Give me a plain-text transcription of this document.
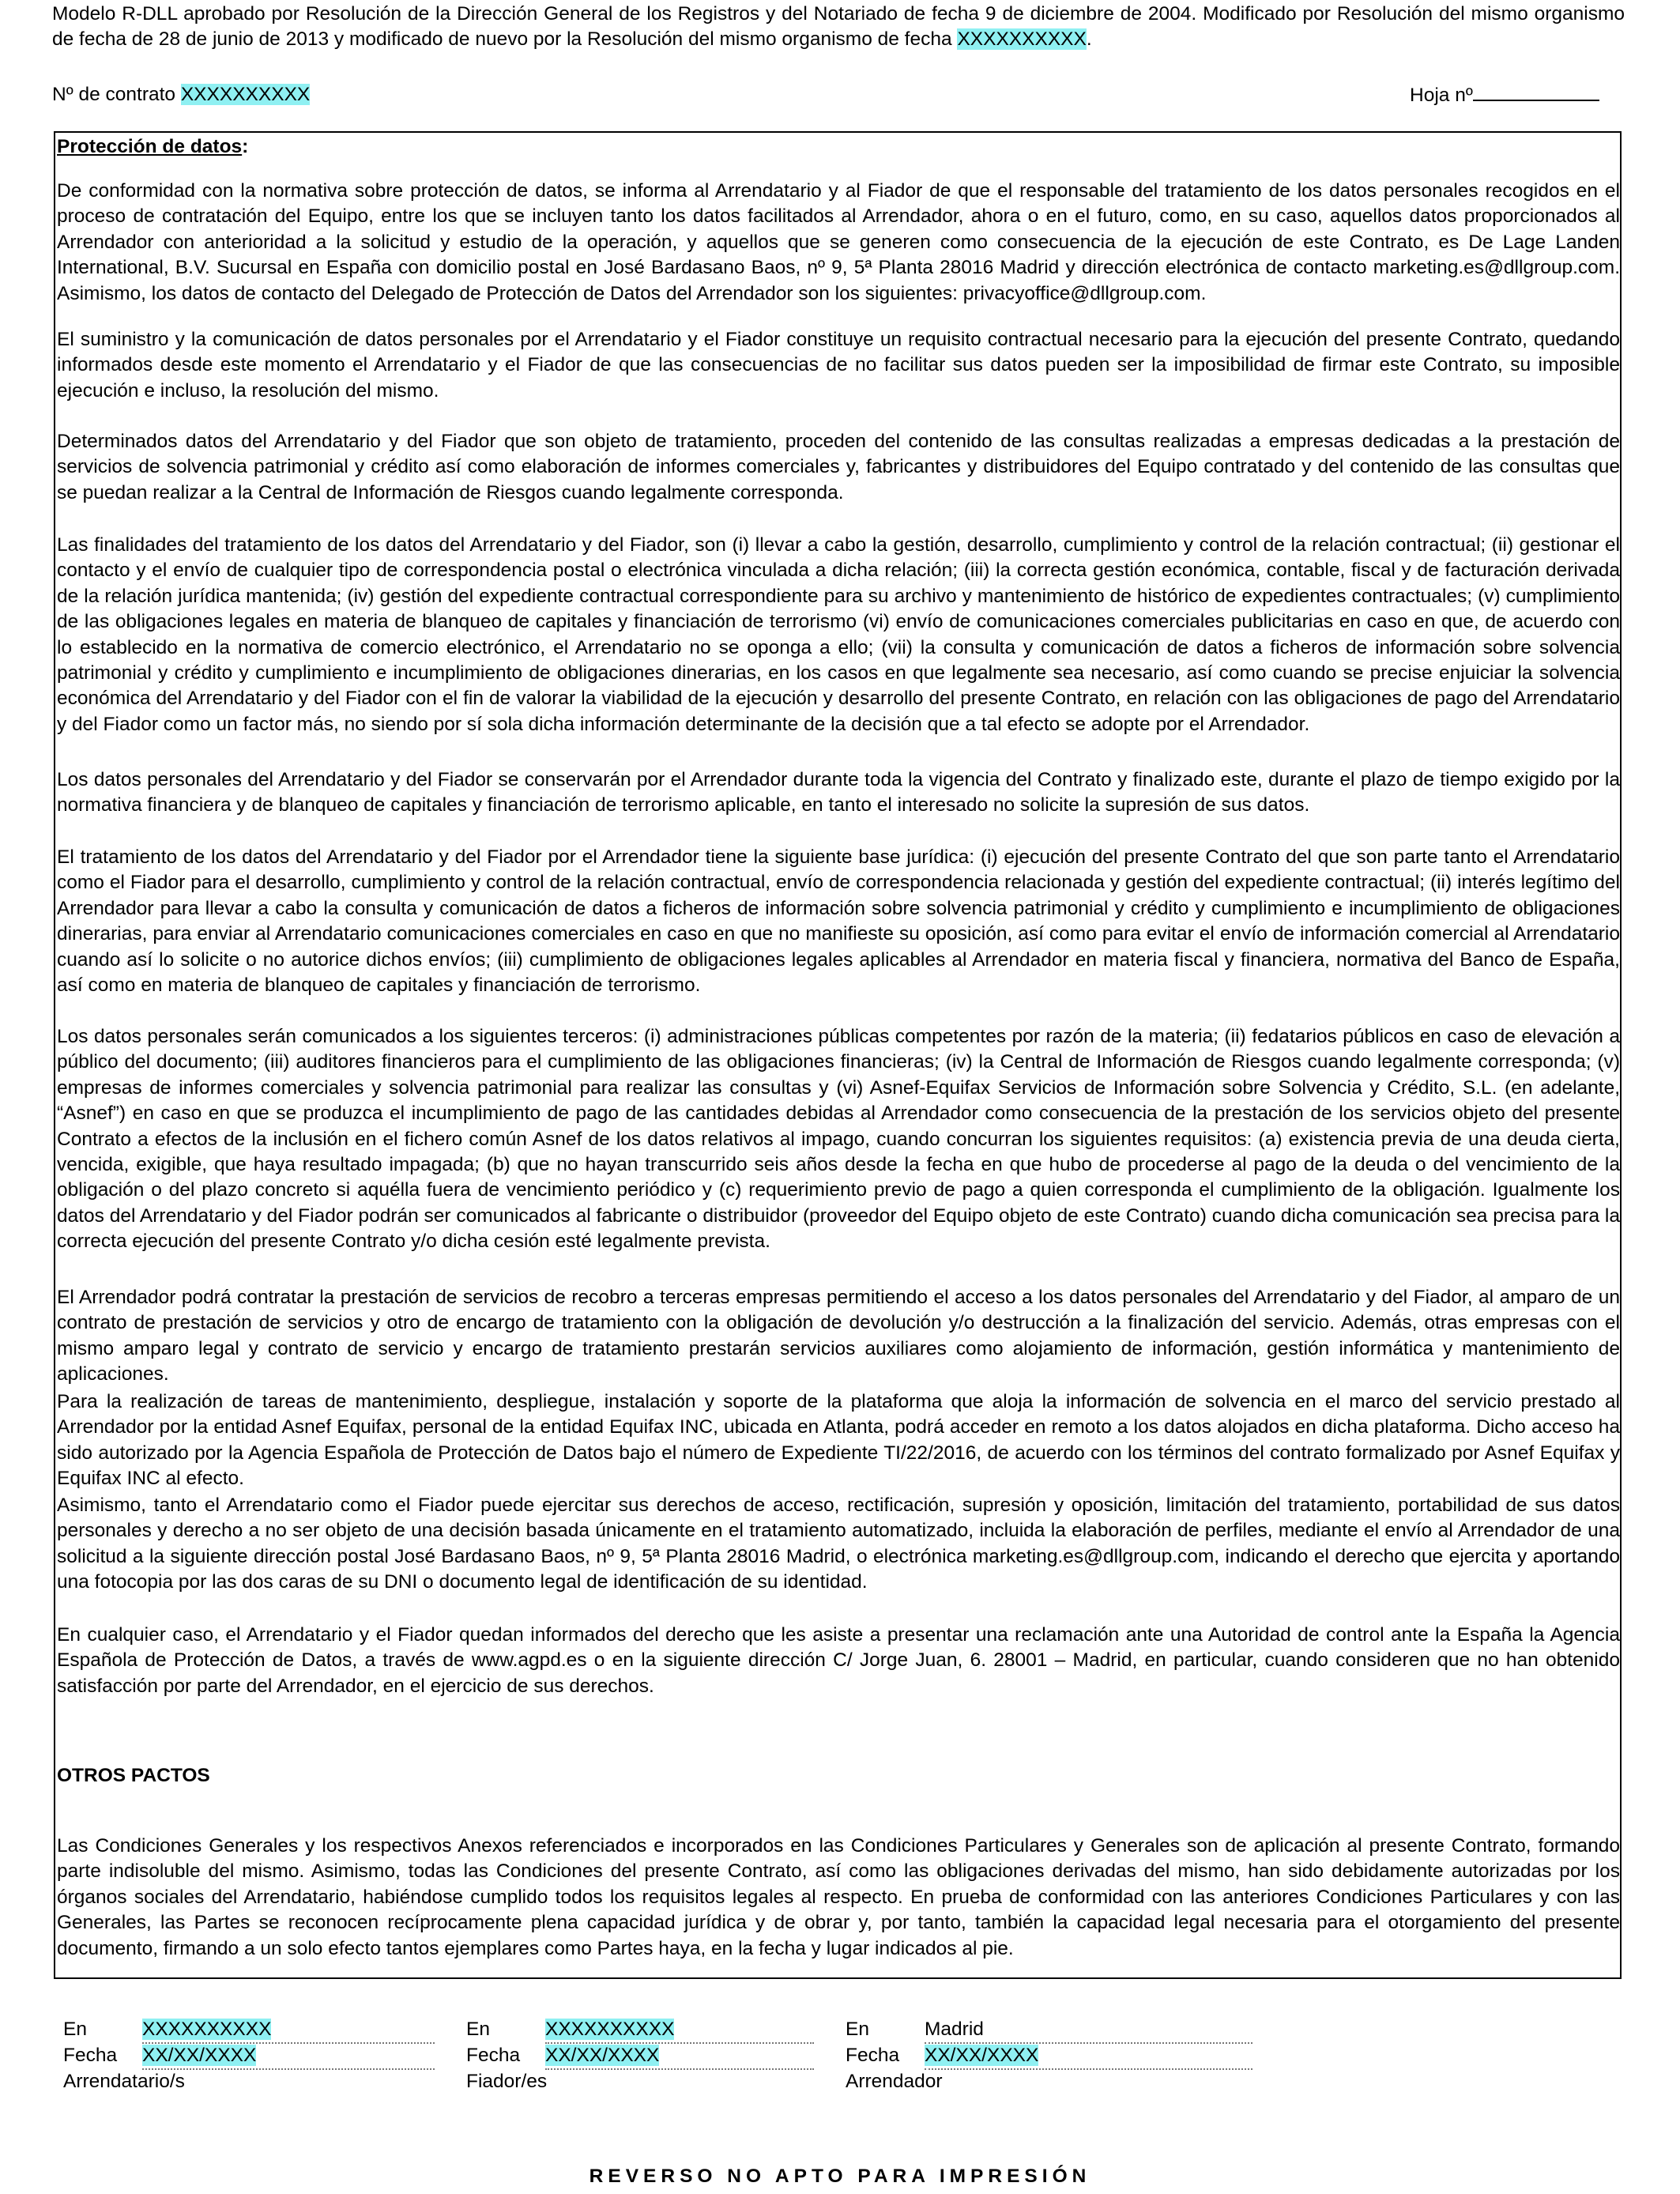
Modelo R-DLL aprobado por Resolución de la Dirección General de los Registros y del Notariado de fecha 9 de diciembre de 2004. Modificado por Resolución del mismo organismo de fecha de 28 de junio de 2013 y modificado de nuevo por la Resolución del mismo organismo de fecha XXXXXXXXXX.

Nº de contrato XXXXXXXXXX	Hoja nº
Protección de datos:

De conformidad con la normativa sobre protección de datos, se informa al Arrendatario y al Fiador de que el responsable del tratamiento de los datos personales recogidos en el proceso de contratación del Equipo, entre los que se incluyen tanto los datos facilitados al Arrendador, ahora o en el futuro, como, en su caso, aquellos datos proporcionados al Arrendador con anterioridad a la solicitud y estudio de la operación, y aquellos que se generen como consecuencia de la ejecución de este Contrato, es De Lage Landen International, B.V. Sucursal en España con domicilio postal en José Bardasano Baos, nº 9, 5ª Planta 28016 Madrid y dirección electrónica de contacto marketing.es@dllgroup.com. Asimismo, los datos de contacto del Delegado de Protección de Datos del Arrendador son los siguientes: privacyoffice@dllgroup.com.

El suministro y la comunicación de datos personales por el Arrendatario y el Fiador constituye un requisito contractual necesario para la ejecución del presente Contrato, quedando informados desde este momento el Arrendatario y el Fiador de que las consecuencias de no facilitar sus datos pueden ser la imposibilidad de firmar este Contrato, su imposible ejecución e incluso, la resolución del mismo.

Determinados datos del Arrendatario y del Fiador que son objeto de tratamiento, proceden del contenido de las consultas realizadas a empresas dedicadas a la prestación de servicios de solvencia patrimonial y crédito así como elaboración de informes comerciales y, fabricantes y distribuidores del Equipo contratado y del contenido de las consultas que se puedan realizar a la Central de Información de Riesgos cuando legalmente corresponda.

Las finalidades del tratamiento de los datos del Arrendatario y del Fiador, son (i) llevar a cabo la gestión, desarrollo, cumplimiento y control de la relación contractual; (ii) gestionar el contacto y el envío de cualquier tipo de correspondencia postal o electrónica vinculada a dicha relación; (iii) la correcta gestión económica, contable, fiscal y de facturación derivada de la relación jurídica mantenida; (iv) gestión del expediente contractual correspondiente para su archivo y mantenimiento de histórico de expedientes contractuales; (v) cumplimiento de las obligaciones legales en materia de blanqueo de capitales y financiación de terrorismo (vi) envío de comunicaciones comerciales publicitarias en caso en que, de acuerdo con lo establecido en la normativa de comercio electrónico, el Arrendatario no se oponga a ello; (vii) la consulta y comunicación de datos a ficheros de información sobre solvencia patrimonial y crédito y cumplimiento e incumplimiento de obligaciones dinerarias, en los casos en que legalmente sea necesario, así como cuando se precise enjuiciar la solvencia económica del Arrendatario y del Fiador con el fin de valorar la viabilidad de la ejecución y desarrollo del presente Contrato, en relación con las obligaciones de pago del Arrendatario y del Fiador como un factor más, no siendo por sí sola dicha información determinante de la decisión que a tal efecto se adopte por el Arrendador.

Los datos personales del Arrendatario y del Fiador se conservarán por el Arrendador durante toda la vigencia del Contrato y finalizado este, durante el plazo de tiempo exigido por la normativa financiera y de blanqueo de capitales y financiación de terrorismo aplicable, en tanto el interesado no solicite la supresión de sus datos.

El tratamiento de los datos del Arrendatario y del Fiador por el Arrendador tiene la siguiente base jurídica: (i) ejecución del presente Contrato del que son parte tanto el Arrendatario como el Fiador para el desarrollo, cumplimiento y control de la relación contractual, envío de correspondencia relacionada y gestión del expediente contractual; (ii) interés legítimo del Arrendador para llevar a cabo la consulta y comunicación de datos a ficheros de información sobre solvencia patrimonial y crédito y cumplimiento e incumplimiento de obligaciones dinerarias, para enviar al Arrendatario comunicaciones comerciales en caso en que no manifieste su oposición, así como para evitar el envío de información comercial al Arrendatario cuando así lo solicite o no autorice dichos envíos; (iii) cumplimiento de obligaciones legales aplicables al Arrendador en materia fiscal y financiera, normativa del Banco de España, así como en materia de blanqueo de capitales y financiación de terrorismo.

Los datos personales serán comunicados a los siguientes terceros: (i) administraciones públicas competentes por razón de la materia; (ii) fedatarios públicos en caso de elevación a público del documento; (iii) auditores financieros para el cumplimiento de las obligaciones financieras; (iv) la Central de Información de Riesgos cuando legalmente corresponda; (v) empresas de informes comerciales y solvencia patrimonial para realizar las consultas y (vi) Asnef-Equifax Servicios de Información sobre Solvencia y Crédito, S.L. (en adelante, “Asnef”) en caso en que se produzca el incumplimiento de pago de las cantidades debidas al Arrendador como consecuencia de la prestación de los servicios objeto del presente Contrato a efectos de la inclusión en el fichero común Asnef de los datos relativos al impago, cuando concurran los siguientes requisitos: (a) existencia previa de una deuda cierta, vencida, exigible, que haya resultado impagada; (b) que no hayan transcurrido seis años desde la fecha en que hubo de procederse al pago de la deuda o del vencimiento de la obligación o del plazo concreto si aquélla fuera de vencimiento periódico y (c) requerimiento previo de pago a quien corresponda el cumplimiento de la obligación. Igualmente los datos del Arrendatario y del Fiador podrán ser comunicados al fabricante o distribuidor (proveedor del Equipo objeto de este Contrato) cuando dicha comunicación sea precisa para la correcta ejecución del presente Contrato y/o dicha cesión esté legalmente prevista.

El Arrendador podrá contratar la prestación de servicios de recobro a terceras empresas permitiendo el acceso a los datos personales del Arrendatario y del Fiador, al amparo de un contrato de prestación de servicios y otro de encargo de tratamiento con la obligación de devolución y/o destrucción a la finalización del servicio. Además, otras empresas con el mismo amparo legal y contrato de servicio y encargo de tratamiento prestarán servicios auxiliares como alojamiento de información, gestión informática y mantenimiento de aplicaciones.

Para la realización de tareas de mantenimiento, despliegue, instalación y soporte de la plataforma que aloja la información de solvencia en el marco del servicio prestado al Arrendador por la entidad Asnef Equifax, personal de la entidad Equifax INC, ubicada en Atlanta, podrá acceder en remoto a los datos alojados en dicha plataforma. Dicho acceso ha sido autorizado por la Agencia Española de Protección de Datos bajo el número de Expediente TI/22/2016, de acuerdo con los términos del contrato formalizado por Asnef Equifax y Equifax INC al efecto.

Asimismo, tanto el Arrendatario como el Fiador puede ejercitar sus derechos de acceso, rectificación, supresión y oposición, limitación del tratamiento, portabilidad de sus datos personales y derecho a no ser objeto de una decisión basada únicamente en el tratamiento automatizado, incluida la elaboración de perfiles, mediante el envío al Arrendador de una solicitud a la siguiente dirección postal José Bardasano Baos, nº 9, 5ª Planta 28016 Madrid, o electrónica marketing.es@dllgroup.com, indicando el derecho que ejercita y aportando una fotocopia por las dos caras de su DNI o documento legal de identificación de su identidad.

En cualquier caso, el Arrendatario y el Fiador quedan informados del derecho que les asiste a presentar una reclamación ante una Autoridad de control ante la España la Agencia Española de Protección de Datos, a través de www.agpd.es o en la siguiente dirección C/ Jorge Juan, 6. 28001 – Madrid, en particular, cuando consideren que no han obtenido satisfacción por parte del Arrendador, en el ejercicio de sus derechos.

OTROS PACTOS

Las Condiciones Generales y los respectivos Anexos referenciados e incorporados en las Condiciones Particulares y Generales son de aplicación al presente Contrato, formando parte indisoluble del mismo. Asimismo, todas las Condiciones del presente Contrato, así como las obligaciones derivadas del mismo, han sido debidamente autorizadas por los órganos sociales del Arrendatario, habiéndose cumplido todos los requisitos legales al respecto. En prueba de conformidad con las anteriores Condiciones Particulares y con las Generales, las Partes se reconocen recíprocamente plena capacidad jurídica y de obrar y, por tanto, también la capacidad legal necesaria para el otorgamiento del presente documento, firmando a un solo efecto tantos ejemplares como Partes haya, en la fecha y lugar indicados al pie.

En	XXXXXXXXXX
Fecha XX/XX/XXXX
Arrendatario/s
En	XXXXXXXXXX
Fecha XX/XX/XXXX
Fiador/es
En	Madrid
Fecha XX/XX/XXXX
Arrendador
REVERSO NO APTO PARA IMPRESIÓN
